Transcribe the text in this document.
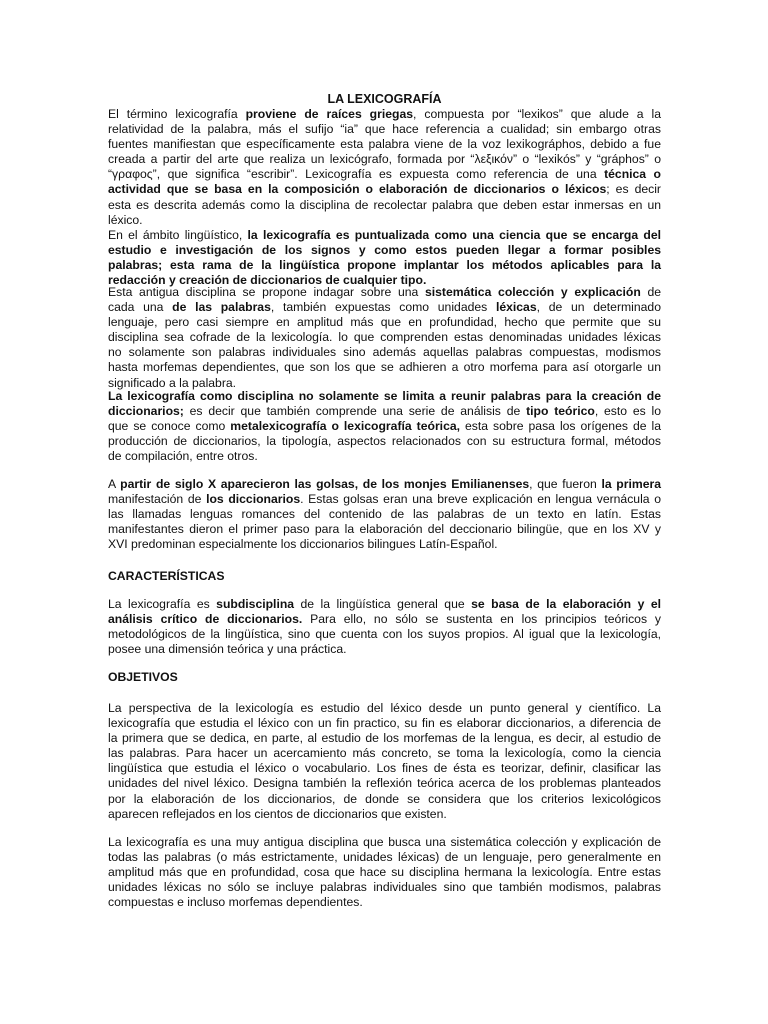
LA LEXICOGRAFÍA
El término lexicografía proviene de raíces griegas, compuesta por “lexikos” que alude a la
relatividad de la palabra, más el sufijo “ia” que hace referencia a cualidad; sin embargo otras
fuentes manifiestan que específicamente esta palabra viene de la voz lexikográphos, debido a fue
creada a partir del arte que realiza un lexicógrafo, formada por “λεξικόν” o “lexikós” y “gráphos” o
“γραφος”, que significa “escribir”. Lexicografía es expuesta como referencia de una técnica o
actividad que se basa en la composición o elaboración de diccionarios o léxicos; es decir
esta es descrita además como la disciplina de recolectar palabra que deben estar inmersas en un
léxico.
En el ámbito lingüístico, la lexicografía es puntualizada como una ciencia que se encarga del
estudio e investigación de los signos y como estos pueden llegar a formar posibles
palabras; esta rama de la lingüística propone implantar los métodos aplicables para la
redacción y creación de diccionarios de cualquier tipo.
Esta antigua disciplina se propone indagar sobre una sistemática colección y explicación de
cada una de las palabras, también expuestas como unidades léxicas, de un determinado
lenguaje, pero casi siempre en amplitud más que en profundidad, hecho que permite que su
disciplina sea cofrade de la lexicología. lo que comprenden estas denominadas unidades léxicas
no solamente son palabras individuales sino además aquellas palabras compuestas, modismos
hasta morfemas dependientes, que son los que se adhieren a otro morfema para así otorgarle un
significado a la palabra.
La lexicografía como disciplina no solamente se limita a reunir palabras para la creación de
diccionarios; es decir que también comprende una serie de análisis de tipo teórico, esto es lo
que se conoce como metalexicografía o lexicografía teórica, esta sobre pasa los orígenes de la
producción de diccionarios, la tipología, aspectos relacionados con su estructura formal, métodos
de compilación, entre otros.
A partir de siglo X aparecieron las golsas, de los monjes Emilianenses, que fueron la primera
manifestación de los diccionarios. Estas golsas eran una breve explicación en lengua vernácula o
las llamadas lenguas romances del contenido de las palabras de un texto en latín. Estas
manifestantes dieron el primer paso para la elaboración del deccionario bilingüe, que en los XV y
XVI predominan especialmente los diccionarios bilingues Latín-Español.
CARACTERÍSTICAS
La lexicografía es subdisciplina de la lingüística general que se basa de la elaboración y el
análisis crítico de diccionarios. Para ello, no sólo se sustenta en los principios teóricos y
metodológicos de la lingüística, sino que cuenta con los suyos propios. Al igual que la lexicología,
posee una dimensión teórica y una práctica.
OBJETIVOS
La perspectiva de la lexicología es estudio del léxico desde un punto general y científico. La
lexicografía que estudia el léxico con un fin practico, su fin es elaborar diccionarios, a diferencia de
la primera que se dedica, en parte, al estudio de los morfemas de la lengua, es decir, al estudio de
las palabras. Para hacer un acercamiento más concreto, se toma la lexicología, como la ciencia
lingüística que estudia el léxico o vocabulario. Los fines de ésta es teorizar, definir, clasificar las
unidades del nivel léxico. Designa también la reflexión teórica acerca de los problemas planteados
por la elaboración de los diccionarios, de donde se considera que los criterios lexicológicos
aparecen reflejados en los cientos de diccionarios que existen.
La lexicografía es una muy antigua disciplina que busca una sistemática colección y explicación de
todas las palabras (o más estrictamente, unidades léxicas) de un lenguaje, pero generalmente en
amplitud más que en profundidad, cosa que hace su disciplina hermana la lexicología. Entre estas
unidades léxicas no sólo se incluye palabras individuales sino que también modismos, palabras
compuestas e incluso morfemas dependientes.
